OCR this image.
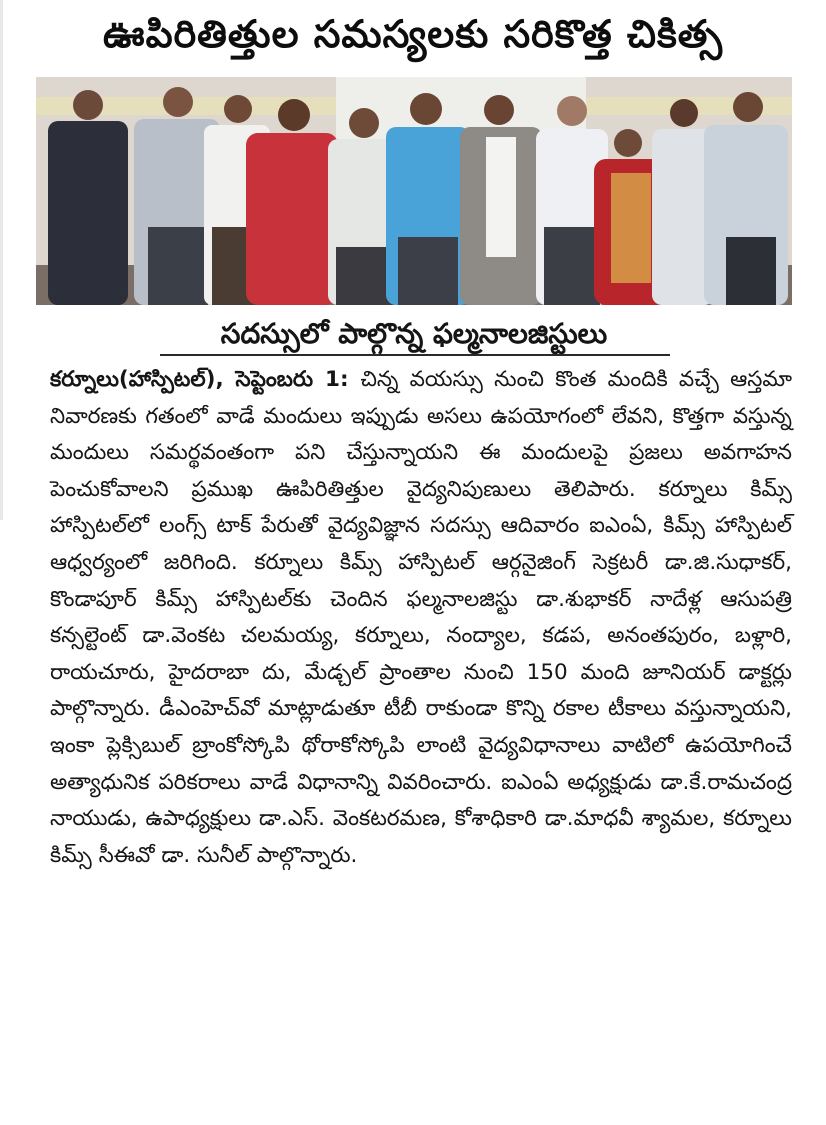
ఊపిరితిత్తుల సమస్యలకు సరికొత్త చికిత్స
సదస్సులో పాల్గొన్న ఫల్మనాలజిస్టులు
కర్నూలు(హాస్పిటల్), సెప్టెంబరు 1: చిన్న వయస్సు నుంచి కొంత మందికి వచ్చే ఆస్తమా నివారణకు గతంలో వాడే మందులు ఇప్పుడు అసలు ఉపయోగంలో లేవని, కొత్తగా వస్తున్న మందులు సమర్థవంతంగా పని చేస్తున్నాయని ఈ మందులపై ప్రజలు అవగాహన పెంచుకోవాలని ప్రముఖ ఊపిరితిత్తుల వైద్యనిపుణులు తెలిపారు. కర్నూలు కిమ్స్ హాస్పిటల్‌లో లంగ్స్ టాక్ పేరుతో వైద్యవిజ్ఞాన సదస్సు ఆదివారం ఐఎంఏ, కిమ్స్ హాస్పిటల్ ఆధ్వర్యంలో జరిగింది. కర్నూలు కిమ్స్ హాస్పిటల్ ఆర్గనైజింగ్ సెక్రటరీ డా.జి.సుధాకర్, కొండాపూర్ కిమ్స్ హాస్పిటల్‌కు చెందిన ఫల్మనాలజిస్టు డా.శుభాకర్ నాదేళ్ల ఆసుపత్రి కన్సల్టెంట్ డా.వెంకట చలమయ్య, కర్నూలు, నంద్యాల, కడప, అనంతపురం, బళ్లారి, రాయచూరు, హైదరాబా దు, మేడ్చల్ ప్రాంతాల నుంచి 150 మంది జూనియర్ డాక్టర్లు పాల్గొన్నారు. డీఎంహెచ్‌వో మాట్లాడుతూ టీబీ రాకుండా కొన్ని రకాల టీకాలు వస్తున్నాయని, ఇంకా ప్లెక్సిబుల్ బ్రాంకోస్కోపి థోరాకోస్కోపి లాంటి వైద్యవిధానాలు వాటిలో ఉపయోగించే అత్యాధునిక పరికరాలు వాడే విధానాన్ని వివరించారు. ఐఎంఏ అధ్యక్షుడు డా.కే.రామచంద్ర నాయుడు, ఉపాధ్యక్షులు డా.ఎస్. వెంకటరమణ, కోశాధికారి డా.మాధవీ శ్యామల, కర్నూలు కిమ్స్ సీఈవో డా. సునీల్ పాల్గొన్నారు.
